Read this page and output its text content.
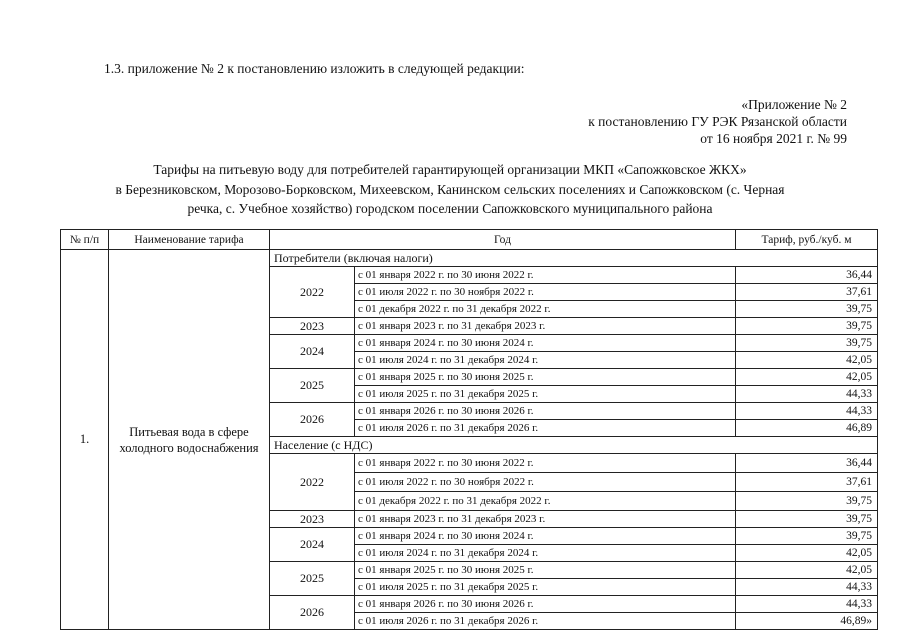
1.3. приложение № 2 к постановлению изложить в следующей редакции:
«Приложение № 2
к постановлению ГУ РЭК Рязанской области
от 16 ноября 2021 г. № 99
Тарифы на питьевую воду для потребителей гарантирующей организации МКП «Сапожковское ЖКХ»
в Березниковском, Морозово-Борковском, Михеевском, Канинском сельских поселениях и Сапожковском (с. Черная
речка, с. Учебное хозяйство) городском поселении Сапожковского муниципального района
№ п/п	Наименование тарифа	Год		Тариф, руб./куб. м
1.	Питьевая вода в сфере холодного водоснабжения	Потребители (включая налоги)		
		2022	с 01 января 2022 г. по 30 июня 2022 г.	36,44
			с 01 июля 2022 г. по 30 ноября 2022 г.	37,61
			с 01 декабря 2022 г. по 31 декабря 2022 г.	39,75
		2023	с 01 января 2023 г. по 31 декабря 2023 г.	39,75
		2024	с 01 января 2024 г. по 30 июня 2024 г.	39,75
			с 01 июля 2024 г. по 31 декабря 2024 г.	42,05
		2025	с 01 января 2025 г. по 30 июня 2025 г.	42,05
			с 01 июля 2025 г. по 31 декабря 2025 г.	44,33
		2026	с 01 января 2026 г. по 30 июня 2026 г.	44,33
			с 01 июля 2026 г. по 31 декабря 2026 г.	46,89
		Население (с НДС)		
		2022	с 01 января 2022 г. по 30 июня 2022 г.	36,44
			с 01 июля 2022 г. по 30 ноября 2022 г.	37,61
			с 01 декабря 2022 г. по 31 декабря 2022 г.	39,75
		2023	с 01 января 2023 г. по 31 декабря 2023 г.	39,75
		2024	с 01 января 2024 г. по 30 июня 2024 г.	39,75
			с 01 июля 2024 г. по 31 декабря 2024 г.	42,05
		2025	с 01 января 2025 г. по 30 июня 2025 г.	42,05
			с 01 июля 2025 г. по 31 декабря 2025 г.	44,33
		2026	с 01 января 2026 г. по 30 июня 2026 г.	44,33
			с 01 июля 2026 г. по 31 декабря 2026 г.	46,89»
